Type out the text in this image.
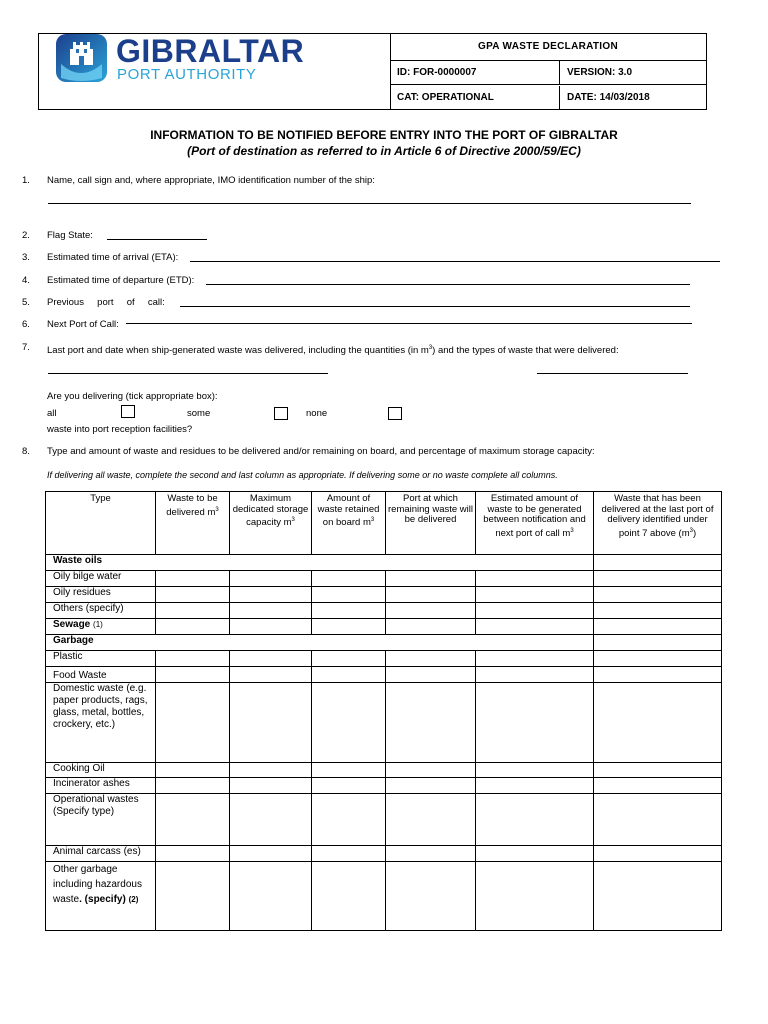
GIBRALTAR
PORT AUTHORITY
GPA WASTE DECLARATION
ID: FOR-0000007	VERSION: 3.0
CAT: OPERATIONAL	DATE: 14/03/2018
INFORMATION TO BE NOTIFIED BEFORE ENTRY INTO THE PORT OF GIBRALTAR
(Port of destination as referred to in Article 6 of Directive 2000/59/EC)
1. Name, call sign and, where appropriate, IMO identification number of the ship:
2. Flag State:
3. Estimated time of arrival (ETA):
4. Estimated time of departure (ETD):
5. Previous     port     of     call:
6. Next Port of Call:
7. Last port and date when ship-generated waste was delivered, including the quantities (in $m^3$) and the types of waste that were delivered:
Are you delivering (tick appropriate box):
all	some	none
waste into port reception facilities?
8. Type and amount of waste and residues to be delivered and/or remaining on board, and percentage of maximum storage capacity:
If delivering all waste, complete the second and last column as appropriate. If delivering some or no waste complete all columns.
Type	Waste to be delivered $m^3$	Maximum dedicated storage capacity $m^3$	Amount of waste retained on board $m^3$	Port at which remaining waste will be delivered	Estimated amount of waste to be generated between notification and next port of call $m^3$	Waste that has been delivered at the last port of delivery identified under point 7 above $(m^3)$
Waste oils						
Oily bilge water						
Oily residues						
Others (specify)						
Sewage (1)						
Garbage						
Plastic						
Food Waste						
Domestic waste (e.g. paper products, rags, glass, metal, bottles, crockery, etc.)						
Cooking Oil						
Incinerator ashes						
Operational wastes (Specify type)						
Animal carcass (es)						
Other garbage
including hazardous
waste. (specify) (2)						
